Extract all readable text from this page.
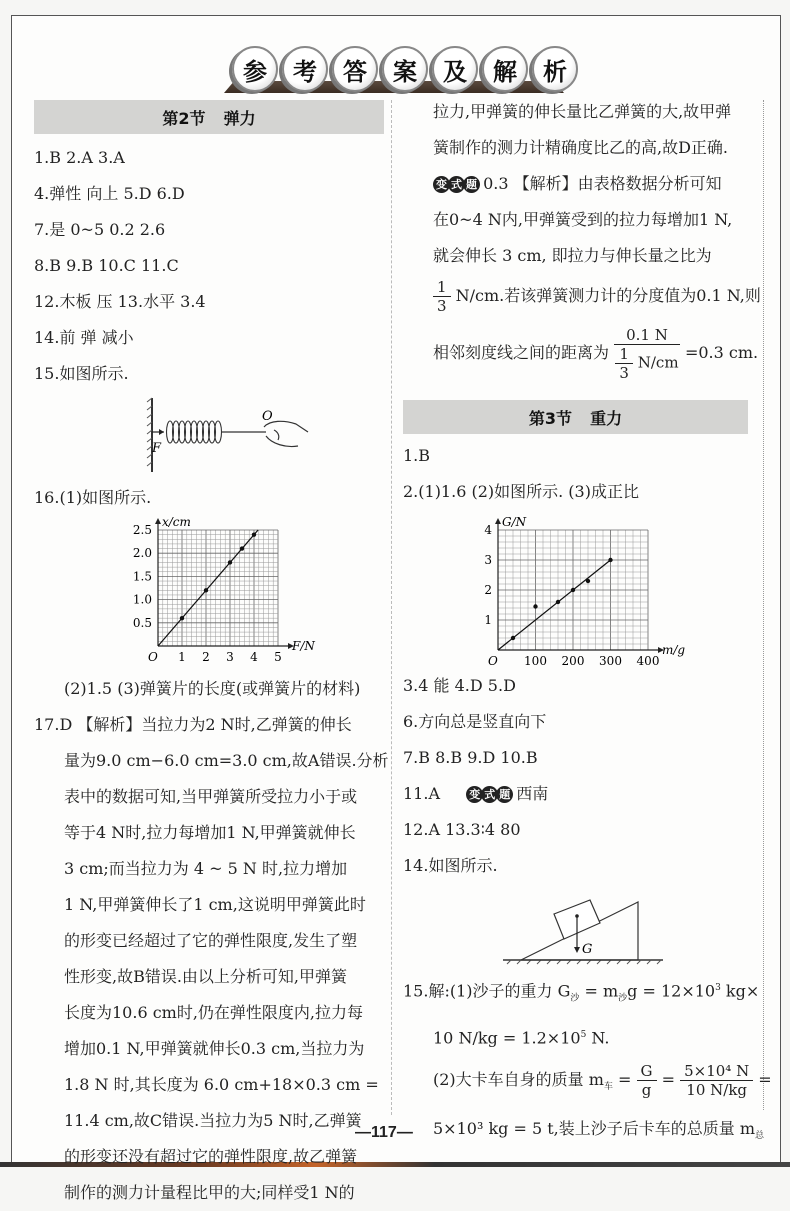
参	考	答	案	及	解	析
第2节 弹力
1.B 2.A 3.A
4.弹性 向上 5.D 6.D
7.是 0~5 0.2 2.6
8.B 9.B 10.C 11.C
12.木板 压 13.水平 3.4
14.前 弹 减小
15.如图所示.
F
O
16.(1)如图所示.
1 2 3 4 5
0.5
1.0
1.5
2.0
2.5
O
F/N
x/cm
(2)1.5 (3)弹簧片的长度(或弹簧片的材料)
17.D 【解析】当拉力为2 N时,乙弹簧的伸长
量为9.0 cm−6.0 cm=3.0 cm,故A错误.分析
表中的数据可知,当甲弹簧所受拉力小于或
等于4 N时,拉力每增加1 N,甲弹簧就伸长
3 cm;而当拉力为 4 ~ 5 N 时,拉力增加
1 N,甲弹簧伸长了1 cm,这说明甲弹簧此时
的形变已经超过了它的弹性限度,发生了塑
性形变,故B错误.由以上分析可知,甲弹簧
长度为10.6 cm时,仍在弹性限度内,拉力每
增加0.1 N,甲弹簧就伸长0.3 cm,当拉力为
1.8 N 时,其长度为 6.0 cm+18×0.3 cm =
11.4 cm,故C错误.当拉力为5 N时,乙弹簧
的形变还没有超过它的弹性限度,故乙弹簧
制作的测力计量程比甲的大;同样受1 N的
拉力,甲弹簧的伸长量比乙弹簧的大,故甲弹
簧制作的测力计精确度比乙的高,故D正确.
变 式 题 0.3 【解析】由表格数据分析可知
在0~4 N内,甲弹簧受到的拉力每增加1 N,
就会伸长 3 cm, 即拉力与伸长量之比为
$\frac{1}{3} N/cm$.若该弹簧测力计的分度值为0.1 N,则
相邻刻度线之间的距离为 $\frac{0.1 N}{\frac{1}{3} N/cm} =0.3$ cm.
第3节 重力
1.B
2.(1)1.6 (2)如图所示. (3)成正比
100 200 300 400
1
2
3
4
O
m/g
G/N
3.4 能 4.D 5.D
6.方向总是竖直向下
7.B 8.B 9.D 10.B
11.A	变 式 题 西南
12.A 13.3∶4 80
14.如图所示.
G
15.解:(1)沙子的重力 $G_沙 = m_沙g = 12\times 10^3$ kg×
10 $N/kg = 1.2\times 10^5$ N.
(2)大卡车自身的质量 $m_车 = \frac{G}{g} = \frac{\text{5×10⁴ N}}{10 N/kg}$ =
5×10³ kg = 5 t,装上沙子后卡车的总质量 $m_总$
—117—
